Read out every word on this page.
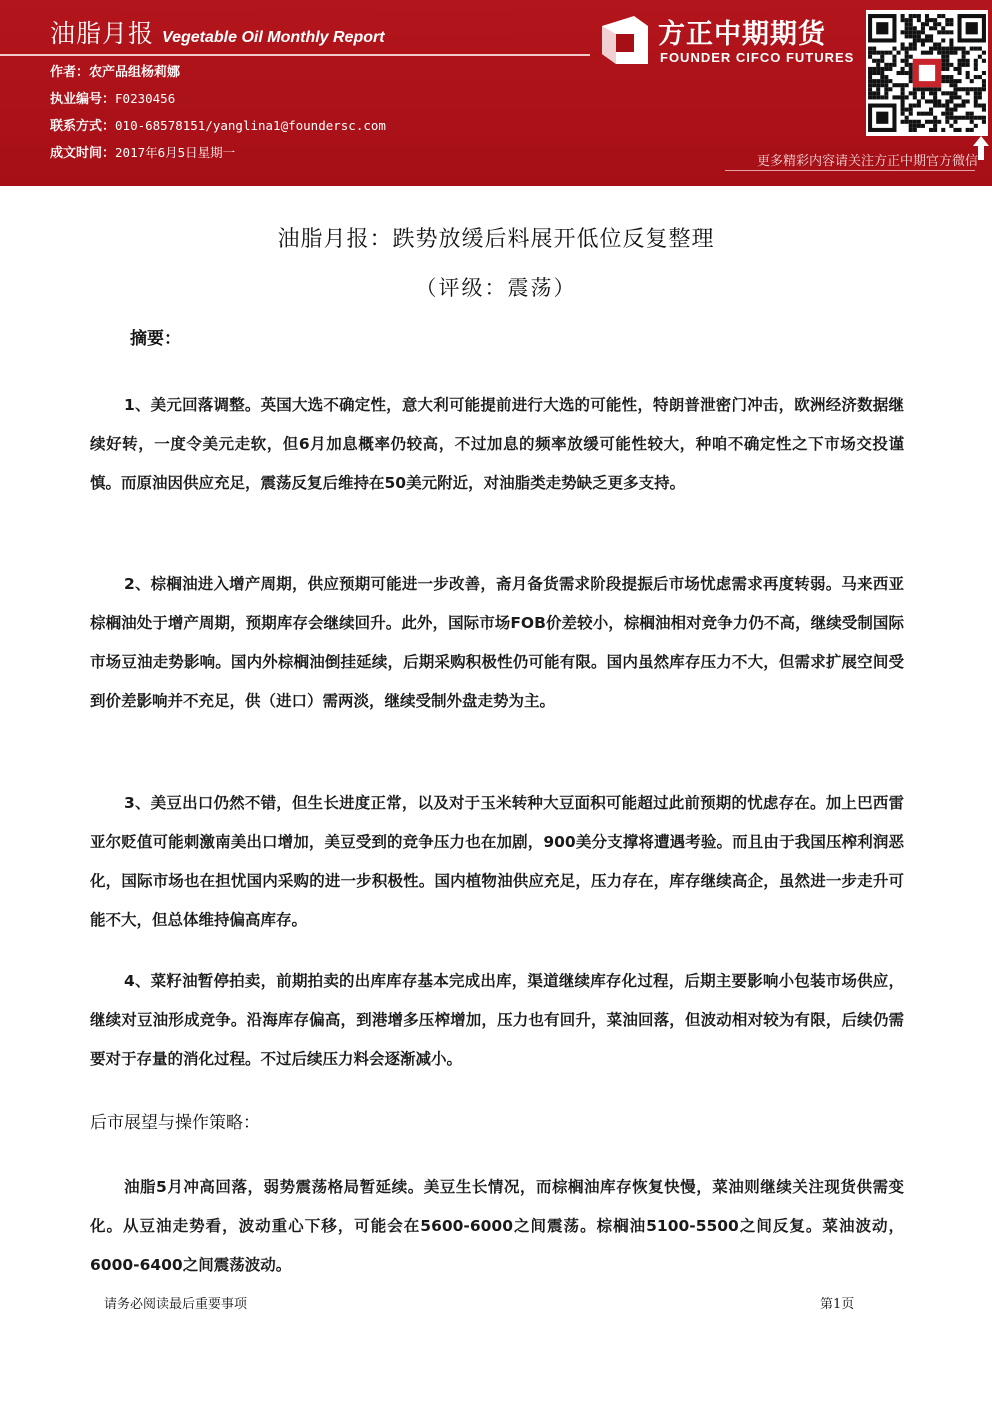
油脂月报 Vegetable Oil Monthly Report
作者：农产品组杨莉娜
执业编号：F0230456
联系方式：010-68578151/yanglina1@foundersc.com
成文时间：2017年6月5日星期一
方正中期期货
FOUNDER CIFCO FUTURES
更多精彩内容请关注方正中期官方微信
油脂月报：跌势放缓后料展开低位反复整理
（评级：震荡）
摘要：
1、美元回落调整。英国大选不确定性，意大利可能提前进行大选的可能性，特朗普泄密门冲击，欧洲经济数据继续好转，一度令美元走软，但6月加息概率仍较高，不过加息的频率放缓可能性较大，种咱不确定性之下市场交投谨慎。而原油因供应充足，震荡反复后维持在50美元附近，对油脂类走势缺乏更多支持。
2、棕榈油进入增产周期，供应预期可能进一步改善，斋月备货需求阶段提振后市场忧虑需求再度转弱。马来西亚棕榈油处于增产周期，预期库存会继续回升。此外，国际市场FOB价差较小，棕榈油相对竞争力仍不高，继续受制国际市场豆油走势影响。国内外棕榈油倒挂延续，后期采购积极性仍可能有限。国内虽然库存压力不大，但需求扩展空间受到价差影响并不充足，供（进口）需两淡，继续受制外盘走势为主。
3、美豆出口仍然不错，但生长进度正常，以及对于玉米转种大豆面积可能超过此前预期的忧虑存在。加上巴西雷亚尔贬值可能刺激南美出口增加，美豆受到的竞争压力也在加剧，900美分支撑将遭遇考验。而且由于我国压榨利润恶化，国际市场也在担忧国内采购的进一步积极性。国内植物油供应充足，压力存在，库存继续高企，虽然进一步走升可能不大，但总体维持偏高库存。
4、菜籽油暂停拍卖，前期拍卖的出库库存基本完成出库，渠道继续库存化过程，后期主要影响小包装市场供应，继续对豆油形成竞争。沿海库存偏高，到港增多压榨增加，压力也有回升，菜油回落，但波动相对较为有限，后续仍需要对于存量的消化过程。不过后续压力料会逐渐减小。
后市展望与操作策略：
油脂5月冲高回落，弱势震荡格局暂延续。美豆生长情况，而棕榈油库存恢复快慢，菜油则继续关注现货供需变化。从豆油走势看，波动重心下移，可能会在5600-6000之间震荡。棕榈油5100-5500之间反复。菜油波动，6000-6400之间震荡波动。
请务必阅读最后重要事项	第1页
